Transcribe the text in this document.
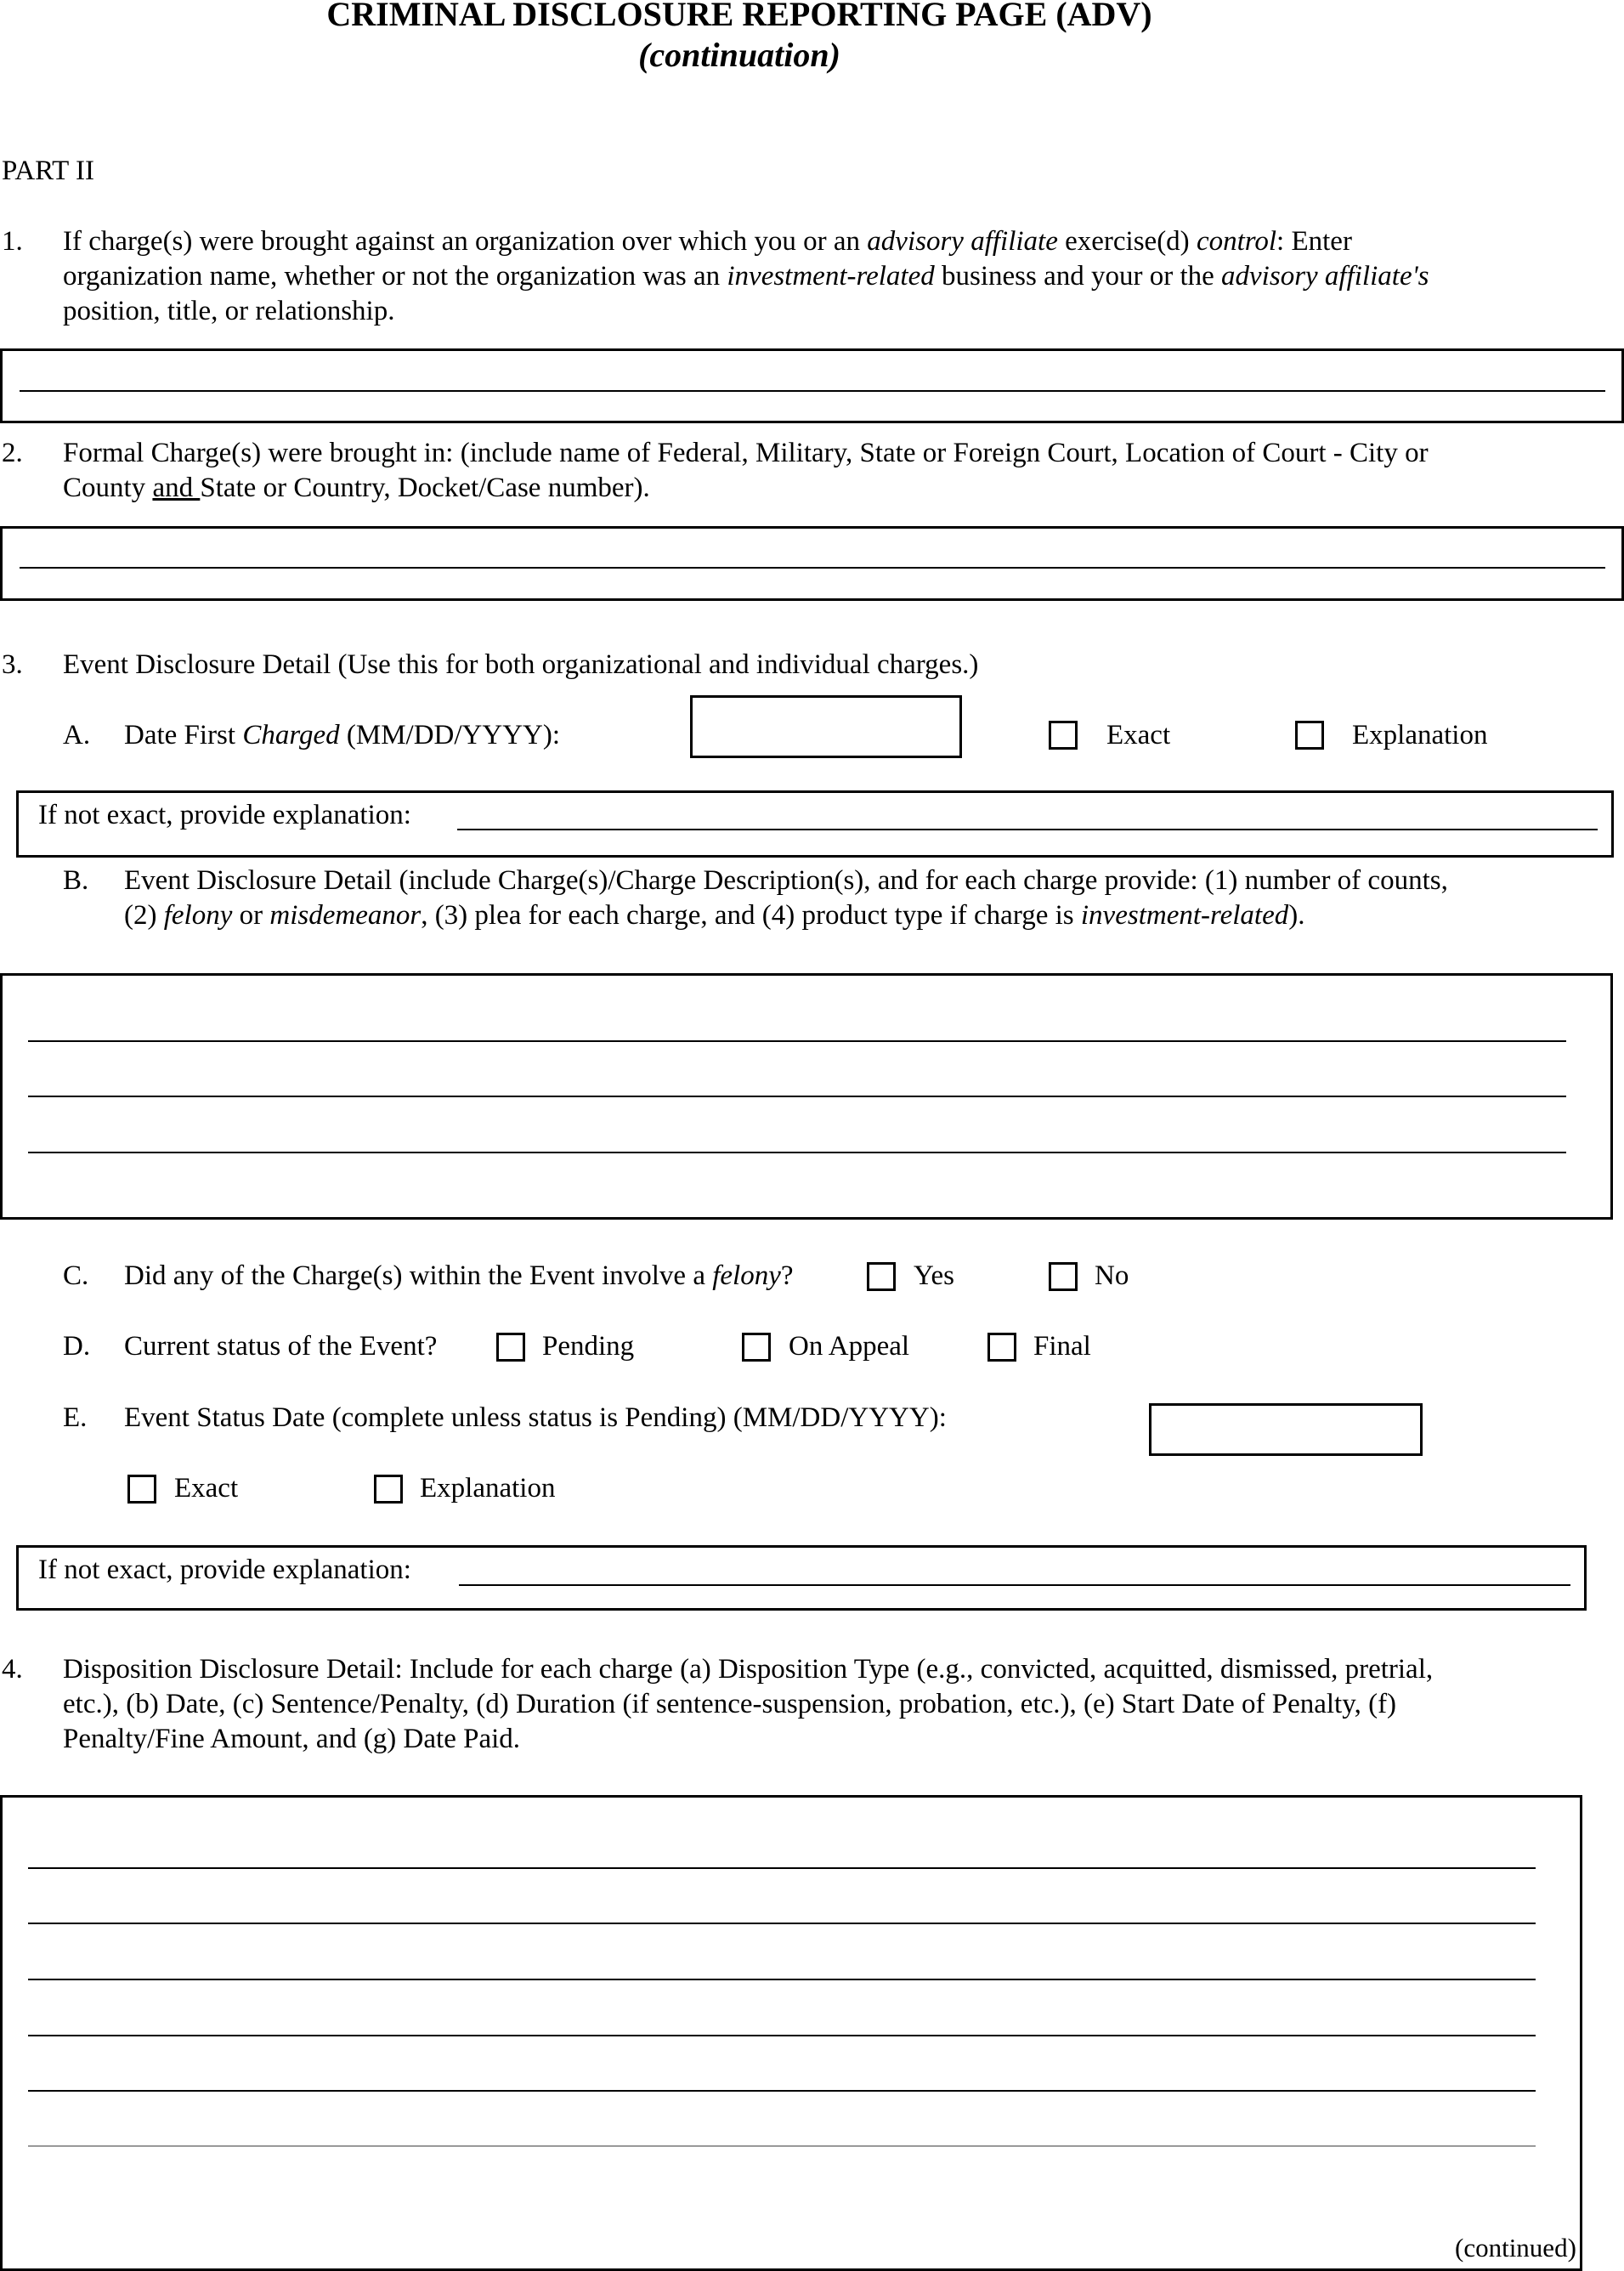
CRIMINAL DISCLOSURE REPORTING PAGE (ADV)
(continuation)
PART II
1. If charge(s) were brought against an organization over which you or an advisory affiliate exercise(d) control: Enter
organization name, whether or not the organization was an investment-related business and your or the advisory affiliate's
position, title, or relationship.
2. Formal Charge(s) were brought in: (include name of Federal, Military, State or Foreign Court, Location of Court - City or
County and State or Country, Docket/Case number).
3. Event Disclosure Detail (Use this for both organizational and individual charges.)
A. Date First Charged (MM/DD/YYYY):	Exact	Explanation
If not exact, provide explanation:
B. Event Disclosure Detail (include Charge(s)/Charge Description(s), and for each charge provide: (1) number of counts,
(2) felony or misdemeanor, (3) plea for each charge, and (4) product type if charge is investment-related).
C. Did any of the Charge(s) within the Event involve a felony?	Yes	No
D. Current status of the Event?	Pending	On Appeal	Final
E. Event Status Date (complete unless status is Pending) (MM/DD/YYYY):
Exact	Explanation
If not exact, provide explanation:
4. Disposition Disclosure Detail: Include for each charge (a) Disposition Type (e.g., convicted, acquitted, dismissed, pretrial,
etc.), (b) Date, (c) Sentence/Penalty, (d) Duration (if sentence-suspension, probation, etc.), (e) Start Date of Penalty, (f)
Penalty/Fine Amount, and (g) Date Paid.
(continued)
